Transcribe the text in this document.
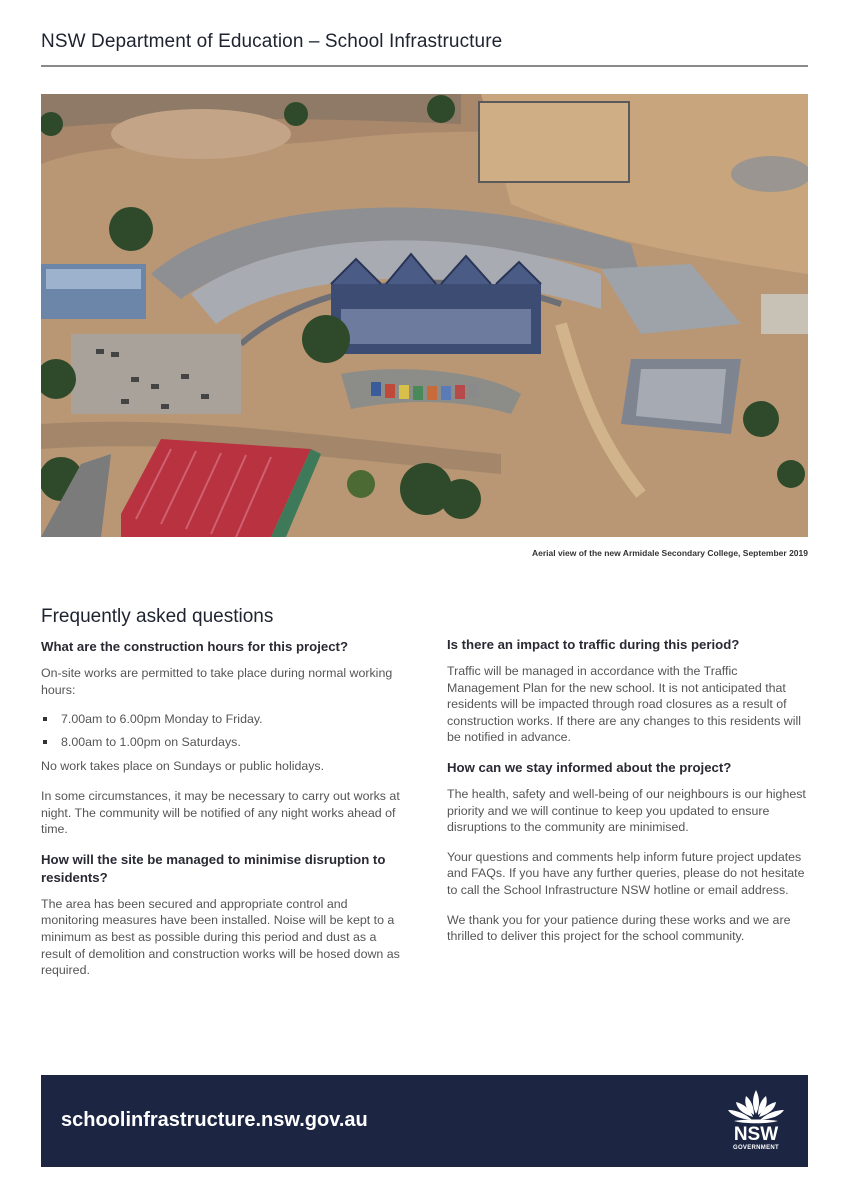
NSW Department of Education – School Infrastructure
Aerial view of the new Armidale Secondary College, September 2019
Frequently asked questions
What are the construction hours for this project?
On-site works are permitted to take place during normal working hours:
7.00am to 6.00pm Monday to Friday.
8.00am to 1.00pm on Saturdays.
No work takes place on Sundays or public holidays.
In some circumstances, it may be necessary to carry out works at night. The community will be notified of any night works ahead of time.
How will the site be managed to minimise disruption to residents?
The area has been secured and appropriate control and monitoring measures have been installed. Noise will be kept to a minimum as best as possible during this period and dust as a result of demolition and construction works will be hosed down as required.
Is there an impact to traffic during this period?
Traffic will be managed in accordance with the Traffic Management Plan for the new school. It is not anticipated that residents will be impacted through road closures as a result of construction works. If there are any changes to this residents will be notified in advance.
How can we stay informed about the project?
The health, safety and well-being of our neighbours is our highest priority and we will continue to keep you updated to ensure disruptions to the community are minimised.
Your questions and comments help inform future project updates and FAQs. If you have any further queries, please do not hesitate to call the School Infrastructure NSW hotline or email address.
We thank you for your patience during these works and we are thrilled to deliver this project for the school community.
schoolinfrastructure.nsw.gov.au
NSW
GOVERNMENT
